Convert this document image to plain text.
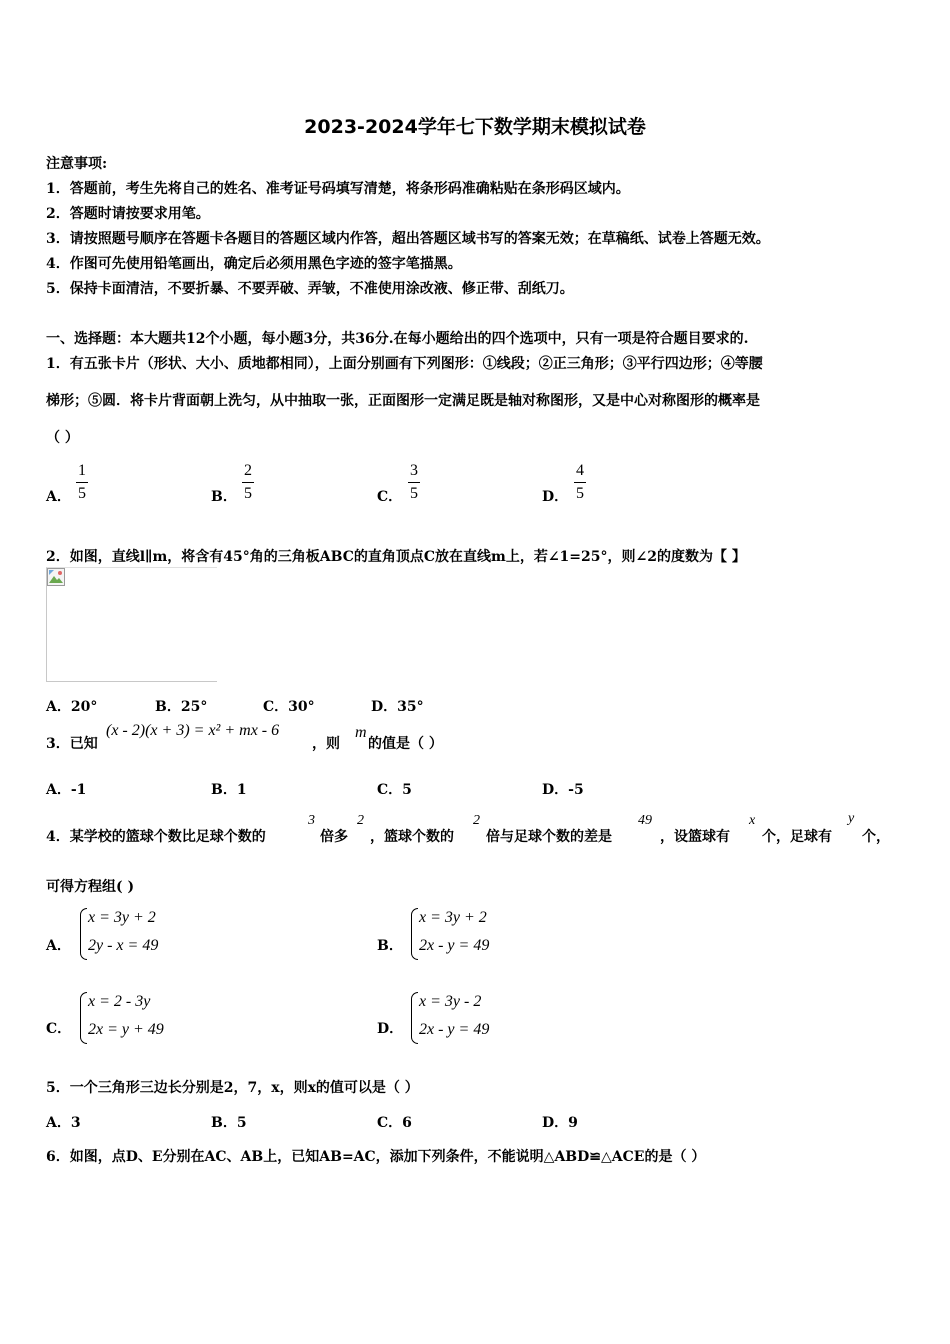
2023-2024学年七下数学期末模拟试卷
注意事项:
1．答题前，考生先将自己的姓名、准考证号码填写清楚，将条形码准确粘贴在条形码区域内。
2．答题时请按要求用笔。
3．请按照题号顺序在答题卡各题目的答题区域内作答，超出答题区域书写的答案无效；在草稿纸、试卷上答题无效。
4．作图可先使用铅笔画出，确定后必须用黑色字迹的签字笔描黑。
5．保持卡面清洁，不要折暴、不要弄破、弄皱，不准使用涂改液、修正带、刮纸刀。
一、选择题：本大题共12个小题，每小题3分，共36分.在每小题给出的四个选项中，只有一项是符合题目要求的.
1．有五张卡片（形状、大小、质地都相同），上面分别画有下列图形：①线段；②正三角形；③平行四边形；④等腰
梯形；⑤圆．将卡片背面朝上洗匀，从中抽取一张，正面图形一定满足既是轴对称图形，又是中心对称图形的概率是
（ ）
A．
1
5	B．
2
5	C．
3
5	D．
4
5
2．如图，直线l∥m，将含有45°角的三角板ABC的直角顶点C放在直线m上，若∠1=25°，则∠2的度数为【 】
A．20°	B．25°	C．30°	D．35°
3．已知
(x - 2)(x + 3) = x² + mx - 6
，则
m
的值是（ ）
A．-1	B．1	C．5	D．-5
4．某学校的篮球个数比足球个数的
3
倍多
2
，篮球个数的
2
倍与足球个数的差是
49
，设篮球有
x
个，足球有
y
个，
可得方程组( )
A．
x = 3y + 2
2y - x = 49	B．
x = 3y + 2
2x - y = 49
C．
x = 2 - 3y
2x = y + 49	D．
x = 3y - 2
2x - y = 49
5．一个三角形三边长分别是2，7，x，则x的值可以是（ ）
A．3	B．5	C．6	D．9
6．如图，点D、E分别在AC、AB上，已知AB=AC，添加下列条件，不能说明△ABD≌△ACE的是（ ）
